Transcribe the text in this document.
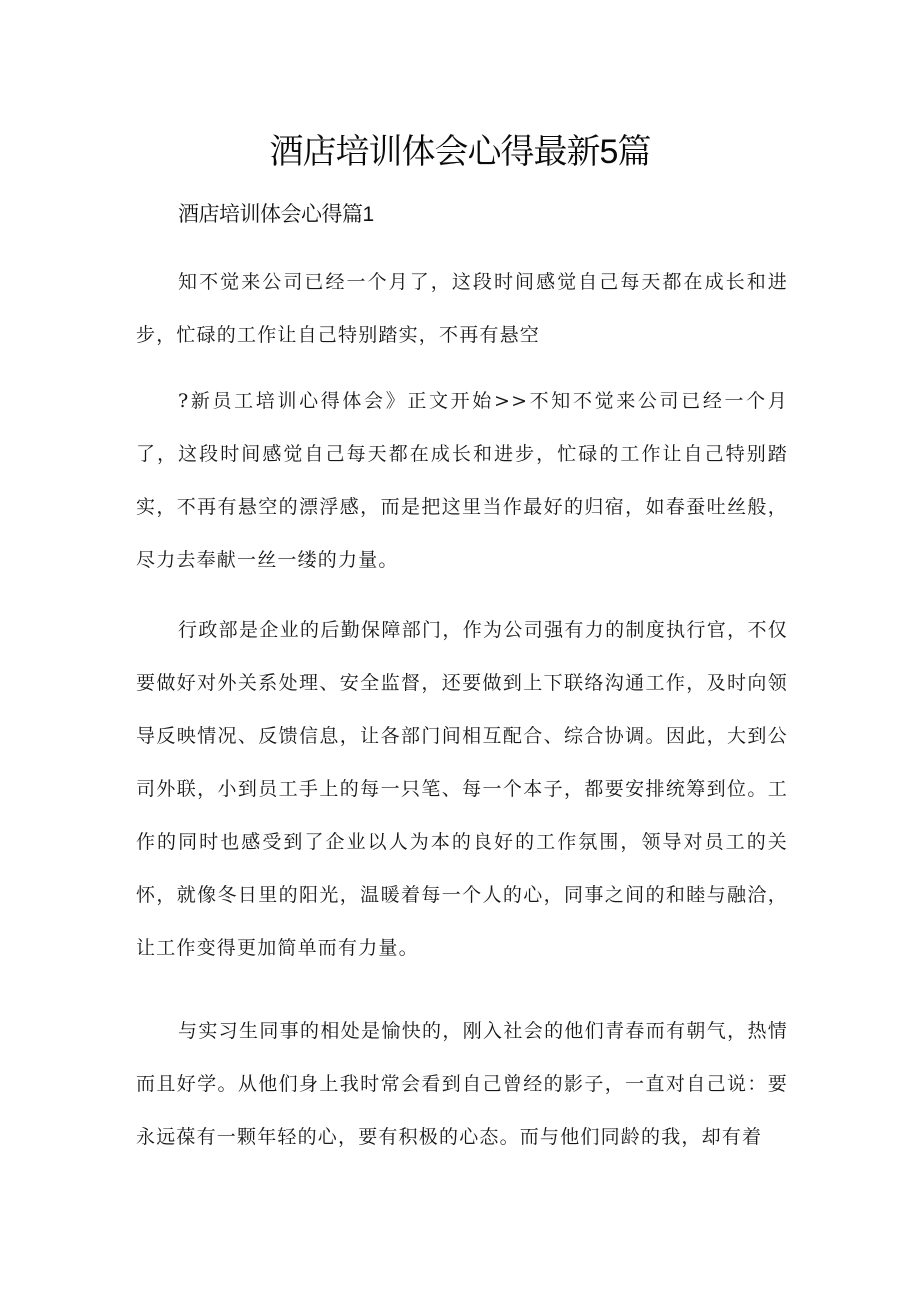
酒店培训体会心得最新5篇
酒店培训体会心得篇1

知不觉来公司已经一个月了，这段时间感觉自己每天都在成长和进步，忙碌的工作让自己特别踏实，不再有悬空

?新员工培训心得体会》正文开始>>不知不觉来公司已经一个月了，这段时间感觉自己每天都在成长和进步，忙碌的工作让自己特别踏实，不再有悬空的漂浮感，而是把这里当作最好的归宿，如春蚕吐丝般，尽力去奉献一丝一缕的力量。

行政部是企业的后勤保障部门，作为公司强有力的制度执行官，不仅要做好对外关系处理、安全监督，还要做到上下联络沟通工作，及时向领导反映情况、反馈信息，让各部门间相互配合、综合协调。因此，大到公司外联，小到员工手上的每一只笔、每一个本子，都要安排统筹到位。工作的同时也感受到了企业以人为本的良好的工作氛围，领导对员工的关怀，就像冬日里的阳光，温暖着每一个人的心，同事之间的和睦与融洽，让工作变得更加简单而有力量。

与实习生同事的相处是愉快的，刚入社会的他们青春而有朝气，热情而且好学。从他们身上我时常会看到自己曾经的影子，一直对自己说：要永远葆有一颗年轻的心，要有积极的心态。而与他们同龄的我，却有着
